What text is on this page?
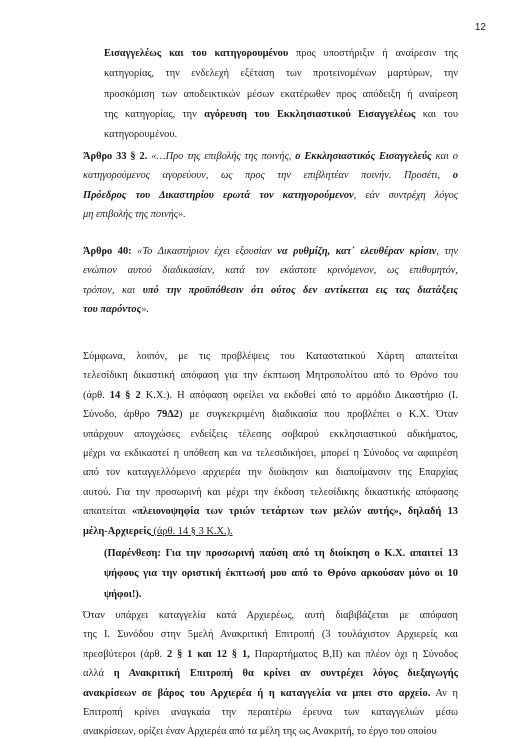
12
Εισαγγελέως και του κατηγορουμένου προς υποστήριξιν ή αναίρεσιν της
κατηγορίας, την ενδελεχή εξέταση των προτεινομένων μαρτύρων, την
προσκόμιση των αποδεικτικών μέσων εκατέρωθεν προς απόδειξη ή αναίρεση
της κατηγορίας, την αγόρευση του Εκκλησιαστικού Εισαγγελέως και του
κατηγορουμένου.
Άρθρο 33 § 2. «…Προ της επιβολής της ποινής, ο Εκκλησιαστικός Εισαγγελεύς και ο
κατηγορούμενος αγορεύουν, ως προς την επιβλητέαν ποινήν. Προσέτι, ο
Πρόεδρος του Δικαστηρίου ερωτά τον κατηγορούμενον, εάν συντρέχη λόγος
μη επιβολής της ποινής».
Άρθρο 40: «Το Δικαστήριον έχει εξουσίαν να ρυθμίζη, κατ΄ ελευθέραν κρίσιν, την
ενώπιον αυτού διαδικασίαν, κατά τον εκάστοτε κρινόμενον, ως επιθυμητόν,
τρόπον, και υπό την προϋπόθεσιν ότι ούτος δεν αντίκειται εις τας διατάξεις
του παρόντος».
Σύμφωνα, λοιπόν, με τις προβλέψεις του Καταστατικού Χάρτη απαιτείται
τελεσίδικη δικαστική απόφαση για την έκπτωση Μητροπολίτου από το Θρόνο του
(άρθ. 14 § 2 Κ.Χ.). Η απόφαση οφείλει να εκδοθεί από το αρμόδιο Δικαστήριο (Ι.
Σύνοδο, άρθρο 79Δ2) με συγκεκριμένη διαδικασία που προβλέπει ο Κ.Χ. Όταν
υπάρχουν απογχώσες ενδείξεις τέλεσης σοβαρού εκκλησιαστικού αδικήματος,
μέχρι να εκδικαστεί η υπόθεση και να τελεσιδικήσει, μπορεί η Σύνοδος να αφαιρέση
από τον καταγγελλόμενο αρχιερέα την διοίκησιν και διαποίμανσιν της Επαρχίας
αυτού. Για την προσωρινή και μέχρι την έκδοση τελεσίδικης δικαστικής απόφασης
απαιτείται «πλειονοψηφία των τριών τετάρτων των μελών αυτής», δηλαδή 13
μέλη-Αρχιερείς (άρθ. 14 § 3 Κ.Χ.).
(Παρένθεση: Για την προσωρινή παύση από τη διοίκηση ο Κ.Χ. απαιτεί 13
ψήφους για την οριστική έκπτωσή μου από το Θρόνο αρκούσαν μόνο οι 10
ψήφοι!).
Όταν υπάρχει καταγγελία κατά Αρχιερέως, αυτή διαβιβάζεται με απόφαση
της Ι. Συνόδου στην 5μελή Ανακριτική Επιτροπή (3 τουλάχιστον Αρχιερείς και
πρεσβύτεροι (άρθ. 2 § 1 και 12 § 1, Παραρτήματος Β,ΙΙ) και πλέον όχι η Σύνοδος
αλλά η Ανακριτική Επιτροπή θα κρίνει αν συντρέχει λόγος διεξαγωγής
ανακρίσεων σε βάρος του Αρχιερέα ή η καταγγελία να μπει στο αρχείο. Αν η
Επιτροπή κρίνει αναγκαία την περαιτέρω έρευνα των καταγγελιών μέσω
ανακρίσεων, ορίζει έναν Αρχιερέα από τα μέλη της ως Ανακριτή, το έργο του οποίου
